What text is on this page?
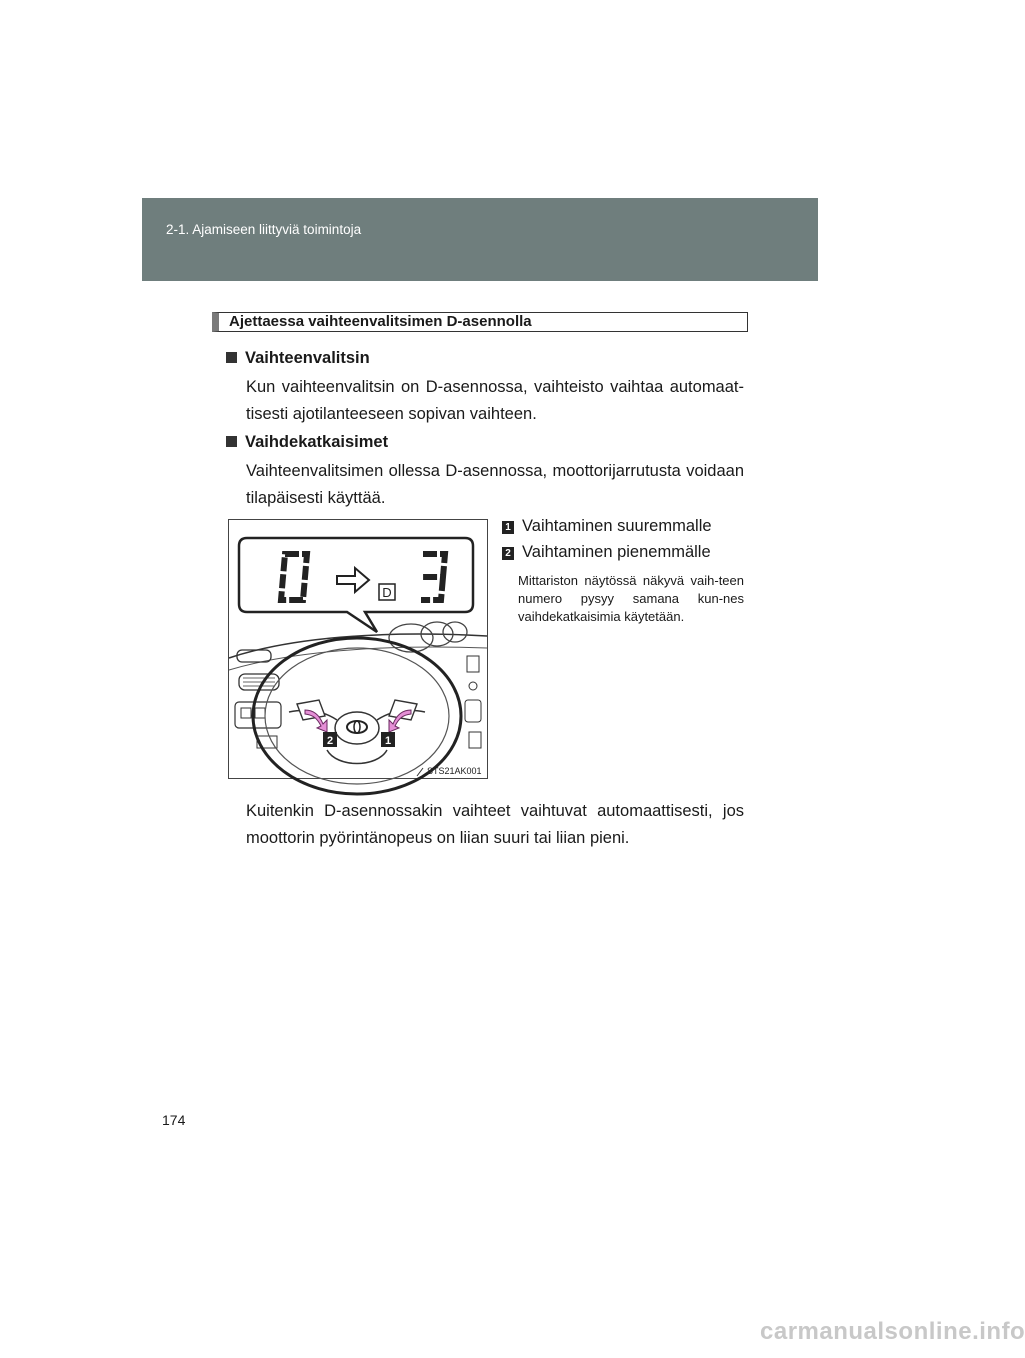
2-1. Ajamiseen liittyviä toimintoja
Ajettaessa vaihteenvalitsimen D-asennolla
Vaihteenvalitsin
Kun vaihteenvalitsin on D-asennossa, vaihteisto vaihtaa automaat-tisesti ajotilanteeseen sopivan vaihteen.
Vaihdekatkaisimet
Vaihteenvalitsimen ollessa D-asennossa, moottorijarrutusta voidaan tilapäisesti käyttää.
1 Vaihtaminen suuremmalle
2 Vaihtaminen pienemmälle
Mittariston näytössä näkyvä vaih-teen numero pysyy samana kun-nes vaihdekatkaisimia käytetään.
2	1
D
STS21AK001
Kuitenkin D-asennossakin vaihteet vaihtuvat automaattisesti, jos moottorin pyörintänopeus on liian suuri tai liian pieni.
174
carmanualsonline.info
